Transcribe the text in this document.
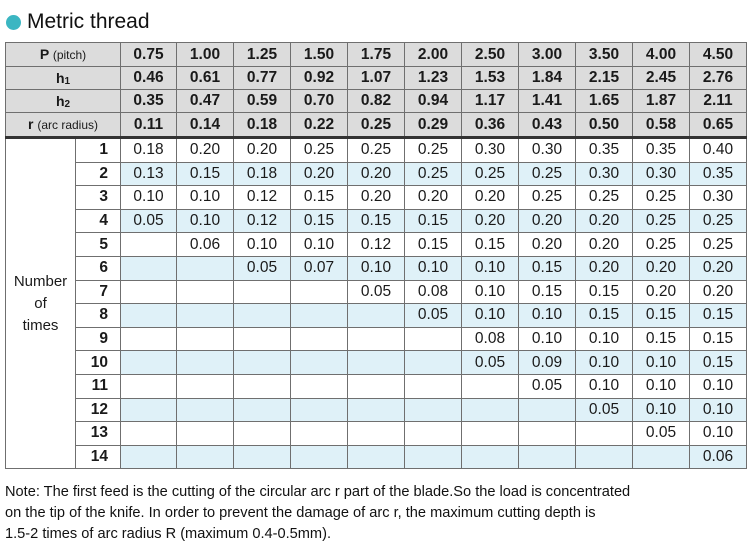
Metric thread
P (pitch)		0.75	1.00	1.25	1.50	1.75	2.00	2.50	3.00	3.50	4.00	4.50
$h_1$		0.46	0.61	0.77	0.92	1.07	1.23	1.53	1.84	2.15	2.45	2.76
$h_2$		0.35	0.47	0.59	0.70	0.82	0.94	1.17	1.41	1.65	1.87	2.11
r (arc radius)		0.11	0.14	0.18	0.22	0.25	0.29	0.36	0.43	0.50	0.58	0.65

Number
of
times	1	0.18	0.20	0.20	0.25	0.25	0.25	0.30	0.30	0.35	0.35	0.40
	2	0.13	0.15	0.18	0.20	0.20	0.25	0.25	0.25	0.30	0.30	0.35
	3	0.10	0.10	0.12	0.15	0.20	0.20	0.20	0.25	0.25	0.25	0.30
	4	0.05	0.10	0.12	0.15	0.15	0.15	0.20	0.20	0.20	0.25	0.25
	5		0.06	0.10	0.10	0.12	0.15	0.15	0.20	0.20	0.25	0.25
	6			0.05	0.07	0.10	0.10	0.10	0.15	0.20	0.20	0.20
	7					0.05	0.08	0.10	0.15	0.15	0.20	0.20
	8						0.05	0.10	0.10	0.15	0.15	0.15
	9							0.08	0.10	0.10	0.15	0.15
	10							0.05	0.09	0.10	0.10	0.15
	11								0.05	0.10	0.10	0.10
	12									0.05	0.10	0.10
	13										0.05	0.10
	14											0.06
Note: The first feed is the cutting of the circular arc r part of the blade.So the load is concentrated
on the tip of the knife. In order to prevent the damage of arc r, the maximum cutting depth is
1.5-2 times of arc radius R (maximum 0.4-0.5mm).
